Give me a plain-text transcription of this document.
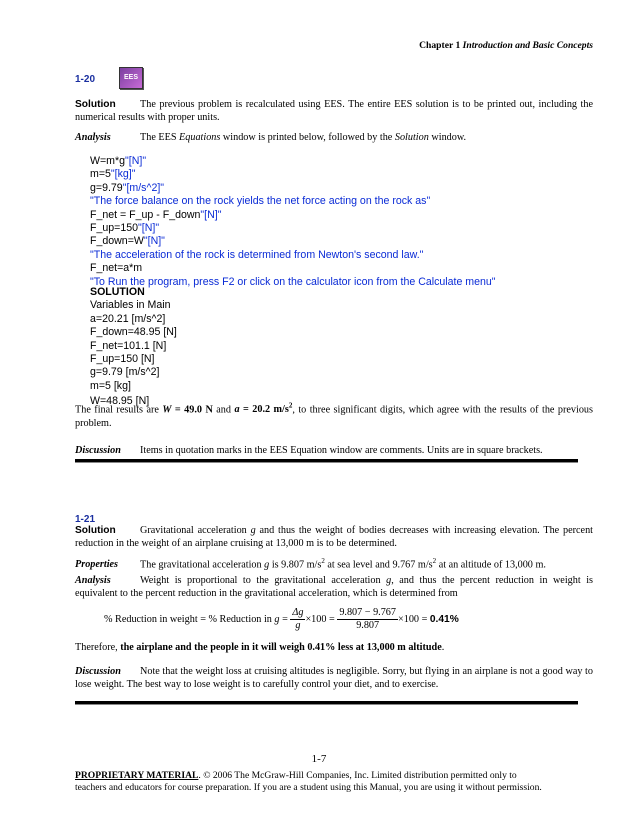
Chapter 1 Introduction and Basic Concepts
1-20	EES
Solution The previous problem is recalculated using EES. The entire EES solution is to be printed out, including the numerical results with proper units.
Analysis	The EES Equations window is printed below, followed by the Solution window.
W=m*g"[N]"
m=5"[kg]"
g=9.79"[m/s^2]"
"The force balance on the rock yields the net force acting on the rock as"
F_net = F_up - F_down"[N]"
F_up=150"[N]"
F_down=W"[N]"
"The acceleration of the rock is determined from Newton's second law."
F_net=a*m
"To Run the program, press F2 or click on the calculator icon from the Calculate menu"
SOLUTION
Variables in Main
a=20.21 [m/s^2]
F_down=48.95 [N]
F_net=101.1 [N]
F_up=150 [N]
g=9.79 [m/s^2]
m=5 [kg]
W=48.95 [N]
The final results are W = 49.0 N and a = 20.2 $m/s^2$, to three significant digits, which agree with the results of the previous problem.
Discussion Items in quotation marks in the EES Equation window are comments. Units are in square brackets.
1-21
Solution Gravitational acceleration g and thus the weight of bodies decreases with increasing elevation. The percent reduction in the weight of an airplane cruising at 13,000 m is to be determined.
Properties The gravitational acceleration g is 9.807 $m/s^2$ at sea level and 9.767 $m/s^2$ at an altitude of 13,000 m.
Analysis	Weight is proportional to the gravitational acceleration g, and thus the percent reduction in weight is equivalent to the percent reduction in the gravitational acceleration, which is determined from
% Reduction in weight = % Reduction in $g = \frac{\Delta g}{g} \times 100 = \frac{9.807 - 9.767}{9.807} \times 100 = 0.41\%$
Therefore, the airplane and the people in it will weigh 0.41% less at 13,000 m altitude.
Discussion Note that the weight loss at cruising altitudes is negligible. Sorry, but flying in an airplane is not a good way to lose weight. The best way to lose weight is to carefully control your diet, and to exercise.
1-7
PROPRIETARY MATERIAL. © 2006 The McGraw-Hill Companies, Inc. Limited distribution permitted only to
teachers and educators for course preparation. If you are a student using this Manual, you are using it without permission.
